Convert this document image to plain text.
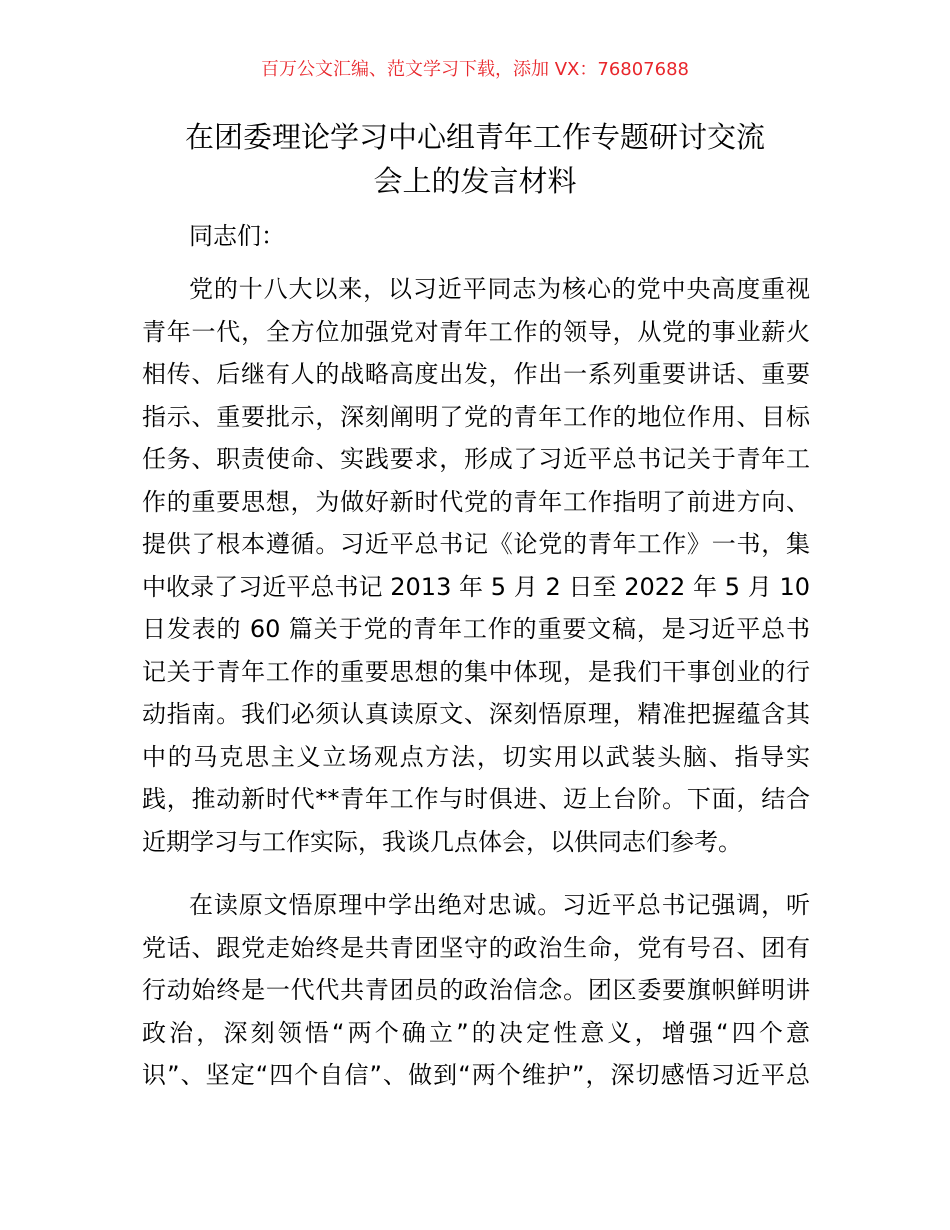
百万公文汇编、范文学习下载，添加 VX：76807688
在团委理论学习中心组青年工作专题研讨交流
会上的发言材料
同志们：
党的十八大以来，以习近平同志为核心的党中央高度重视
青年一代，全方位加强党对青年工作的领导，从党的事业薪火
相传、后继有人的战略高度出发，作出一系列重要讲话、重要
指示、重要批示，深刻阐明了党的青年工作的地位作用、目标
任务、职责使命、实践要求，形成了习近平总书记关于青年工
作的重要思想，为做好新时代党的青年工作指明了前进方向、
提供了根本遵循。习近平总书记《论党的青年工作》一书，集
中收录了习近平总书记 2013 年 5 月 2 日至 2022 年 5 月 10
日发表的 60 篇关于党的青年工作的重要文稿，是习近平总书
记关于青年工作的重要思想的集中体现，是我们干事创业的行
动指南。我们必须认真读原文、深刻悟原理，精准把握蕴含其
中的马克思主义立场观点方法，切实用以武装头脑、指导实
践，推动新时代**青年工作与时俱进、迈上台阶。下面，结合
近期学习与工作实际，我谈几点体会，以供同志们参考。
在读原文悟原理中学出绝对忠诚。习近平总书记强调，听
党话、跟党走始终是共青团坚守的政治生命，党有号召、团有
行动始终是一代代共青团员的政治信念。团区委要旗帜鲜明讲
政治，深刻领悟“两个确立”的决定性意义，增强“四个意
识”、坚定“四个自信”、做到“两个维护”，深切感悟习近平总
